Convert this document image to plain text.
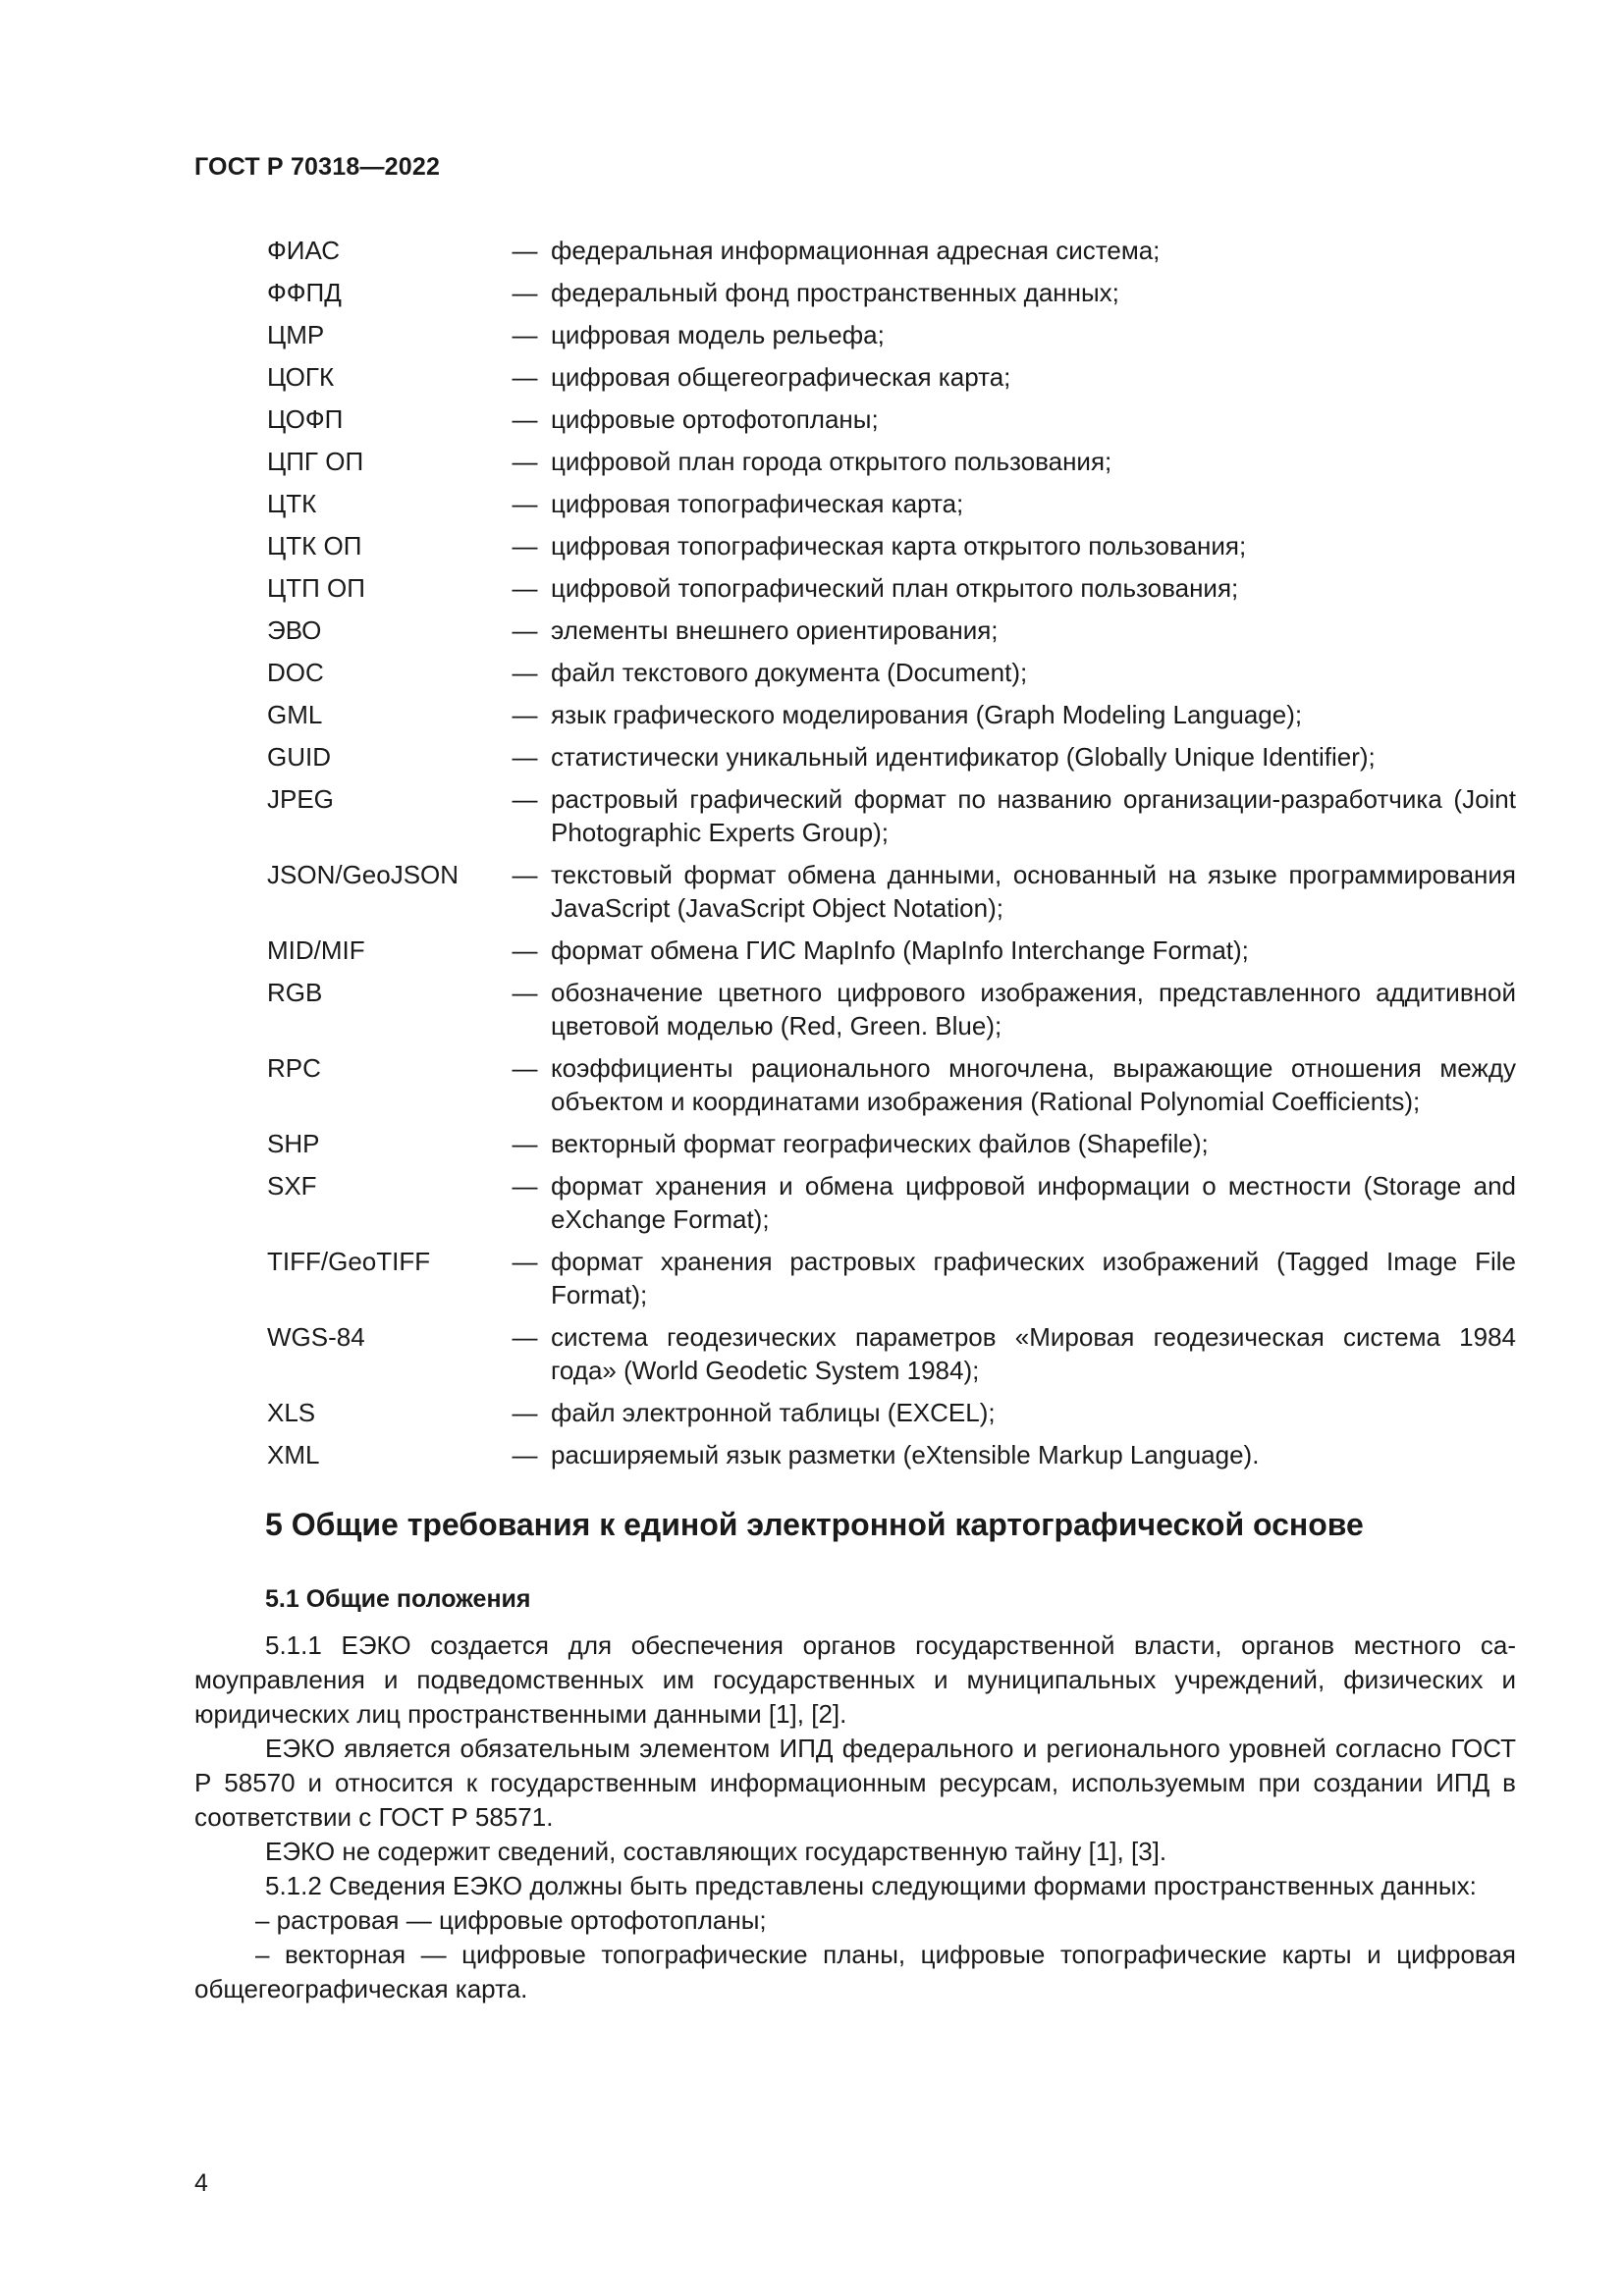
ГОСТ Р 70318—2022
ФИАС	— федеральная информационная адресная система;
ФФПД	— федеральный фонд пространственных данных;
ЦМР	— цифровая модель рельефа;
ЦОГК	— цифровая общегеографическая карта;
ЦОФП	— цифровые ортофотопланы;
ЦПГ ОП	— цифровой план города открытого пользования;
ЦТК	— цифровая топографическая карта;
ЦТК ОП	— цифровая топографическая карта открытого пользования;
ЦТП ОП	— цифровой топографический план открытого пользования;
ЭВО	— элементы внешнего ориентирования;
DOC	— файл текстового документа (Document);
GML	— язык графического моделирования (Graph Modeling Language);
GUID	— статистически уникальный идентификатор (Globally Unique Identifier);
JPEG	— растровый графический формат по названию организации-разработчика (Joint Photographic Experts Group);
JSON/GeoJSON	— текстовый формат обмена данными, основанный на языке программирования JavaScript (JavaScript Object Notation);
MID/MIF	— формат обмена ГИС MapInfo (MapInfo Interchange Format);
RGB	— обозначение цветного цифрового изображения, представленного аддитивной цветовой моделью (Red, Green. Blue);
RPC	— коэффициенты рационального многочлена, выражающие отношения между объектом и координатами изображения (Rational Polynomial Coefficients);
SHP	— векторный формат географических файлов (Shapefile);
SXF	— формат хранения и обмена цифровой информации о местности (Storage and eXchange Format);
TIFF/GeoTIFF	— формат хранения растровых графических изображений (Tagged Image File Format);
WGS-84	— система геодезических параметров «Мировая геодезическая система 1984 года» (World Geodetic System 1984);
XLS	— файл электронной таблицы (EXCEL);
XML	— расширяемый язык разметки (eXtensible Markup Language).
5 Общие требования к единой электронной картографической основе
5.1 Общие положения

5.1.1 ЕЭКО создается для обеспечения органов государственной власти, органов местного самоуправления и подведомственных им государственных и муниципальных учреждений, физических и юридических лиц пространственными данными [1], [2].

ЕЭКО является обязательным элементом ИПД федерального и регионального уровней согласно ГОСТ Р 58570 и относится к государственным информационным ресурсам, используемым при создании ИПД в соответствии с ГОСТ Р 58571.

ЕЭКО не содержит сведений, составляющих государственную тайну [1], [3].

5.1.2 Сведения ЕЭКО должны быть представлены следующими формами пространственных данных:

– растровая — цифровые ортофотопланы;

– векторная — цифровые топографические планы, цифровые топографические карты и цифровая общегеографическая карта.

4
